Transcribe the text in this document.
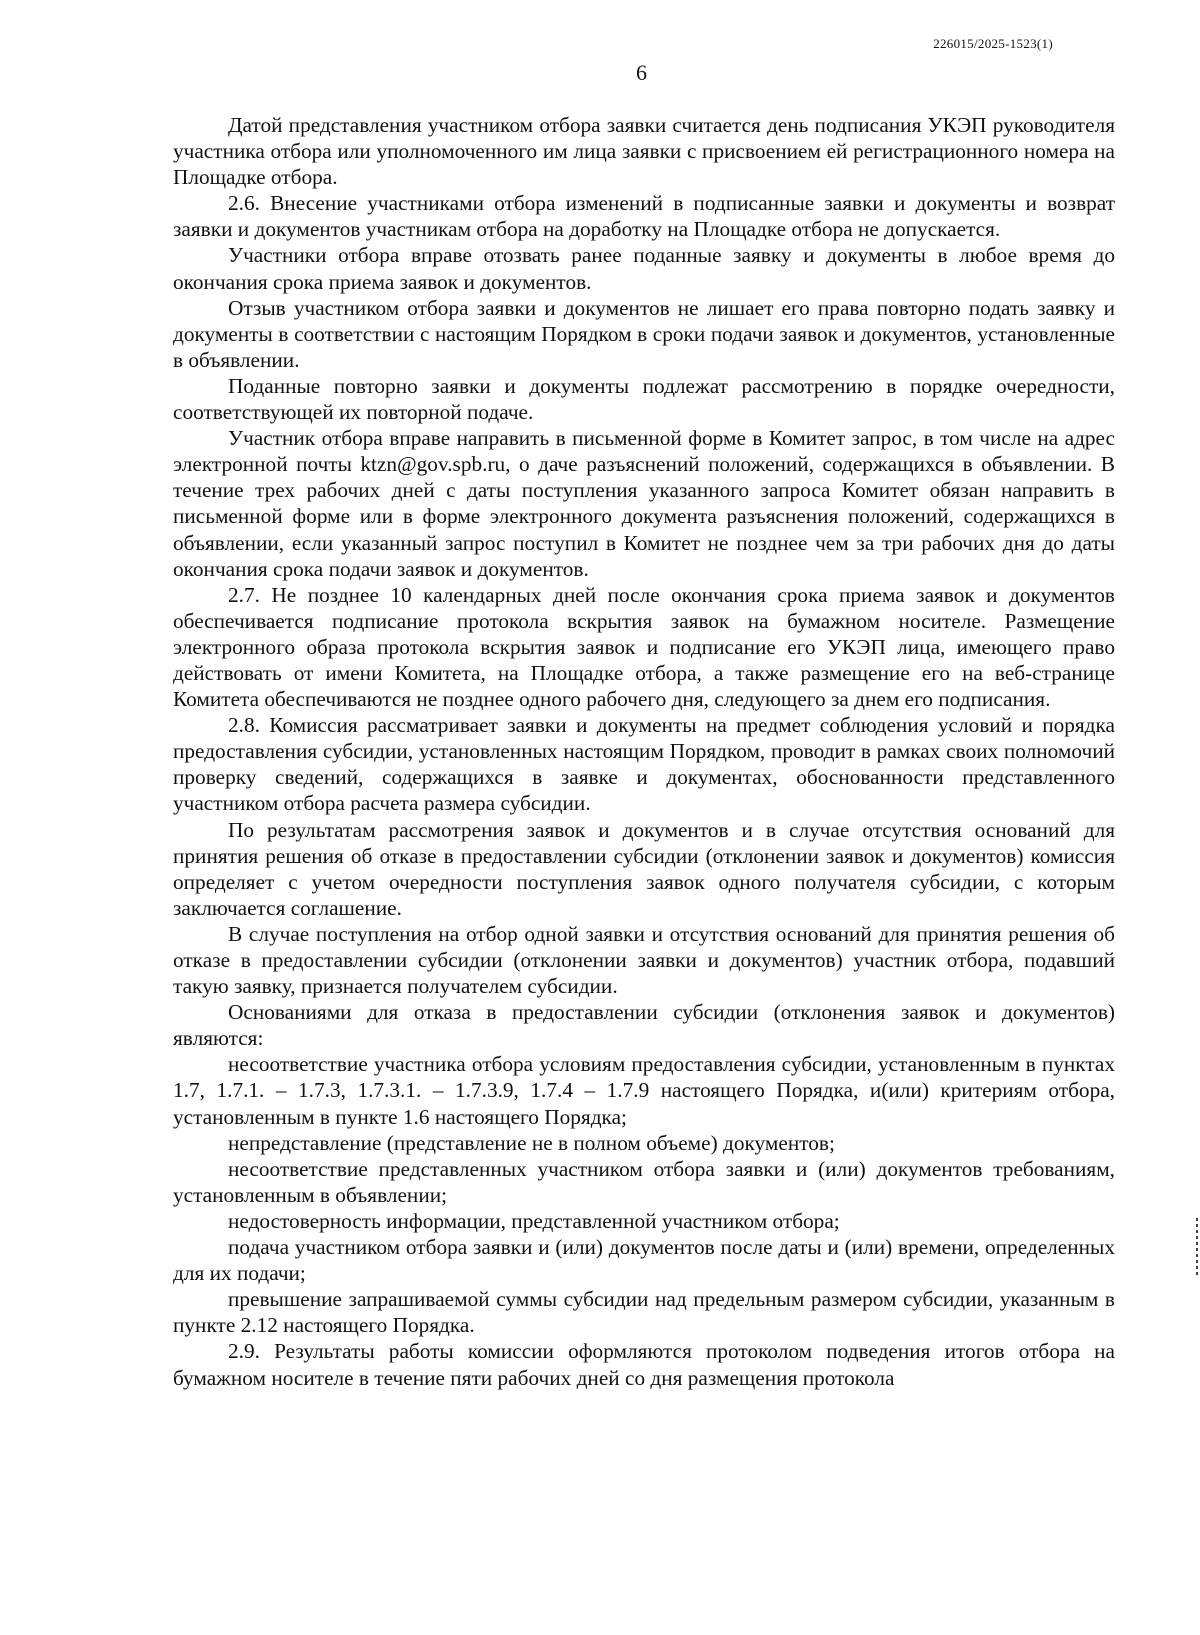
226015/2025-1523(1)
6

Датой представления участником отбора заявки считается день подписания УКЭП руководителя участника отбора или уполномоченного им лица заявки с присвоением ей регистрационного номера на Площадке отбора.

2.6. Внесение участниками отбора изменений в подписанные заявки и документы и возврат заявки и документов участникам отбора на доработку на Площадке отбора не допускается.

Участники отбора вправе отозвать ранее поданные заявку и документы в любое время до окончания срока приема заявок и документов.

Отзыв участником отбора заявки и документов не лишает его права повторно подать заявку и документы в соответствии с настоящим Порядком в сроки подачи заявок и документов, установленные в объявлении.

Поданные повторно заявки и документы подлежат рассмотрению в порядке очередности, соответствующей их повторной подаче.

Участник отбора вправе направить в письменной форме в Комитет запрос, в том числе на адрес электронной почты ktzn@gov.spb.ru, о даче разъяснений положений, содержащихся в объявлении. В течение трех рабочих дней с даты поступления указанного запроса Комитет обязан направить в письменной форме или в форме электронного документа разъяснения положений, содержащихся в объявлении, если указанный запрос поступил в Комитет не позднее чем за три рабочих дня до даты окончания срока подачи заявок и документов.

2.7. Не позднее 10 календарных дней после окончания срока приема заявок и документов обеспечивается подписание протокола вскрытия заявок на бумажном носителе. Размещение электронного образа протокола вскрытия заявок и подписание его УКЭП лица, имеющего право действовать от имени Комитета, на Площадке отбора, а также размещение его на веб-странице Комитета обеспечиваются не позднее одного рабочего дня, следующего за днем его подписания.

2.8. Комиссия рассматривает заявки и документы на предмет соблюдения условий и порядка предоставления субсидии, установленных настоящим Порядком, проводит в рамках своих полномочий проверку сведений, содержащихся в заявке и документах, обоснованности представленного участником отбора расчета размера субсидии.

По результатам рассмотрения заявок и документов и в случае отсутствия оснований для принятия решения об отказе в предоставлении субсидии (отклонении заявок и документов) комиссия определяет с учетом очередности поступления заявок одного получателя субсидии, с которым заключается соглашение.

В случае поступления на отбор одной заявки и отсутствия оснований для принятия решения об отказе в предоставлении субсидии (отклонении заявки и документов) участник отбора, подавший такую заявку, признается получателем субсидии.

Основаниями для отказа в предоставлении субсидии (отклонения заявок и документов) являются:

несоответствие участника отбора условиям предоставления субсидии, установленным в пунктах 1.7, 1.7.1. – 1.7.3, 1.7.3.1. – 1.7.3.9, 1.7.4 – 1.7.9 настоящего Порядка, и(или) критериям отбора, установленным в пункте 1.6 настоящего Порядка;

непредставление (представление не в полном объеме) документов;

несоответствие представленных участником отбора заявки и (или) документов требованиям, установленным в объявлении;

недостоверность информации, представленной участником отбора;

подача участником отбора заявки и (или) документов после даты и (или) времени, определенных для их подачи;

превышение запрашиваемой суммы субсидии над предельным размером субсидии, указанным в пункте 2.12 настоящего Порядка.

2.9. Результаты работы комиссии оформляются протоколом подведения итогов отбора на бумажном носителе в течение пяти рабочих дней со дня размещения протокола
